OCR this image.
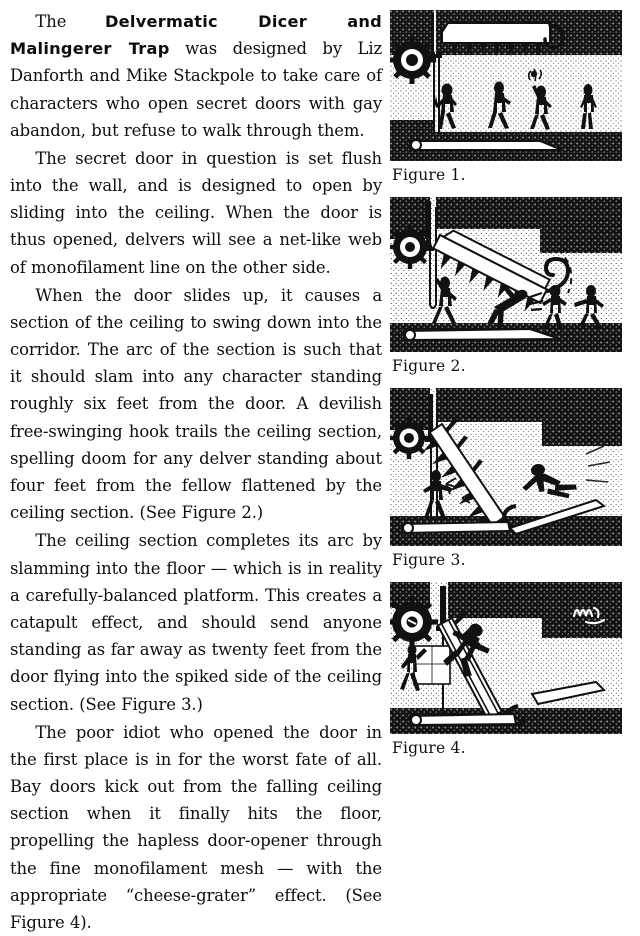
The Delvermatic Dicer and Malingerer Trap was designed by Liz Danforth and Mike Stackpole to take care of characters who open secret doors with gay abandon, but refuse to walk through them.

The secret door in question is set flush into the wall, and is designed to open by sliding into the ceiling. When the door is thus opened, delvers will see a net-like web of monofilament line on the other side.

When the door slides up, it causes a section of the ceiling to swing down into the corridor. The arc of the section is such that it should slam into any character standing roughly six feet from the door. A devilish free-swinging hook trails the ceiling section, spelling doom for any delver standing about four feet from the fellow flattened by the ceiling section. (See Figure 2.)

The ceiling section completes its arc by slamming into the floor — which is in reality a carefully-balanced platform. This creates a catapult effect, and should send anyone standing as far away as twenty feet from the door flying into the spiked side of the ceiling section. (See Figure 3.)

The poor idiot who opened the door in the first place is in for the worst fate of all. Bay doors kick out from the falling ceiling section when it finally hits the floor, propelling the hapless door-opener through the fine monofilament mesh — with the appropriate “cheese-grater” effect. (See Figure 4).

Figure 1.
Figure 2.
Figure 3.
Figure 4.
